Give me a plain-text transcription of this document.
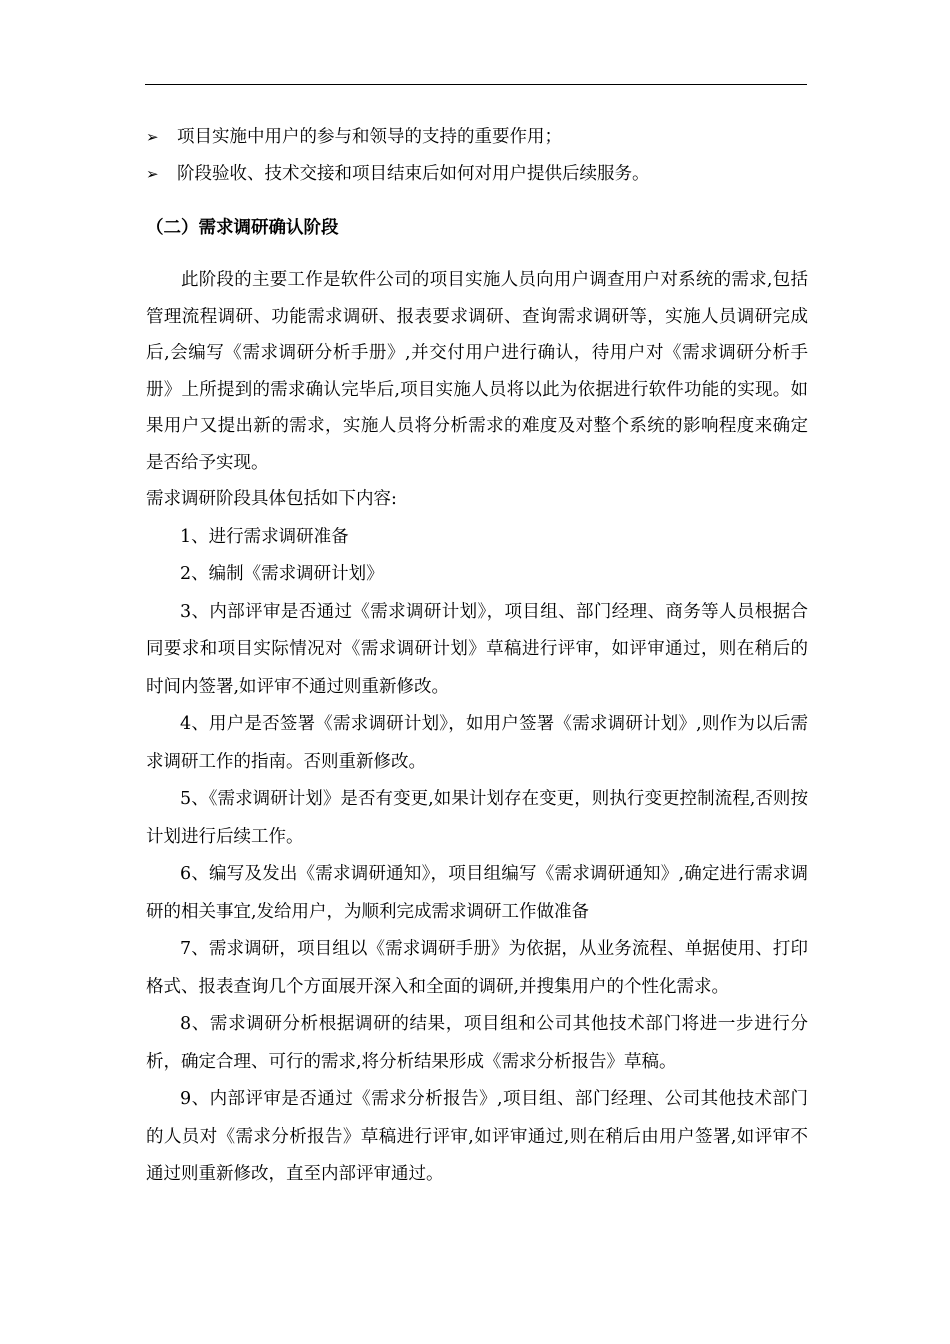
➢	项目实施中用户的参与和领导的支持的重要作用；
➢	阶段验收、技术交接和项目结束后如何对用户提供后续服务。
（二）需求调研确认阶段
此阶段的主要工作是软件公司的项目实施人员向用户调查用户对系统的需求,包括管理流程调研、功能需求调研、报表要求调研、查询需求调研等，实施人员调研完成后,会编写《需求调研分析手册》,并交付用户进行确认，待用户对《需求调研分析手册》上所提到的需求确认完毕后,项目实施人员将以此为依据进行软件功能的实现。如果用户又提出新的需求，实施人员将分析需求的难度及对整个系统的影响程度来确定是否给予实现。
需求调研阶段具体包括如下内容:
1、进行需求调研准备
2、编制《需求调研计划》
3、内部评审是否通过《需求调研计划》，项目组、部门经理、商务等人员根据合同要求和项目实际情况对《需求调研计划》草稿进行评审，如评审通过，则在稍后的时间内签署,如评审不通过则重新修改。
4、用户是否签署《需求调研计划》，如用户签署《需求调研计划》,则作为以后需求调研工作的指南。否则重新修改。
5、《需求调研计划》是否有变更,如果计划存在变更，则执行变更控制流程,否则按计划进行后续工作。
6、编写及发出《需求调研通知》，项目组编写《需求调研通知》,确定进行需求调研的相关事宜,发给用户，为顺利完成需求调研工作做准备
7、需求调研，项目组以《需求调研手册》为依据，从业务流程、单据使用、打印格式、报表查询几个方面展开深入和全面的调研,并搜集用户的个性化需求。
8、需求调研分析根据调研的结果，项目组和公司其他技术部门将进一步进行分析，确定合理、可行的需求,将分析结果形成《需求分析报告》草稿。
9、内部评审是否通过《需求分析报告》,项目组、部门经理、公司其他技术部门的人员对《需求分析报告》草稿进行评审,如评审通过,则在稍后由用户签署,如评审不通过则重新修改，直至内部评审通过。
